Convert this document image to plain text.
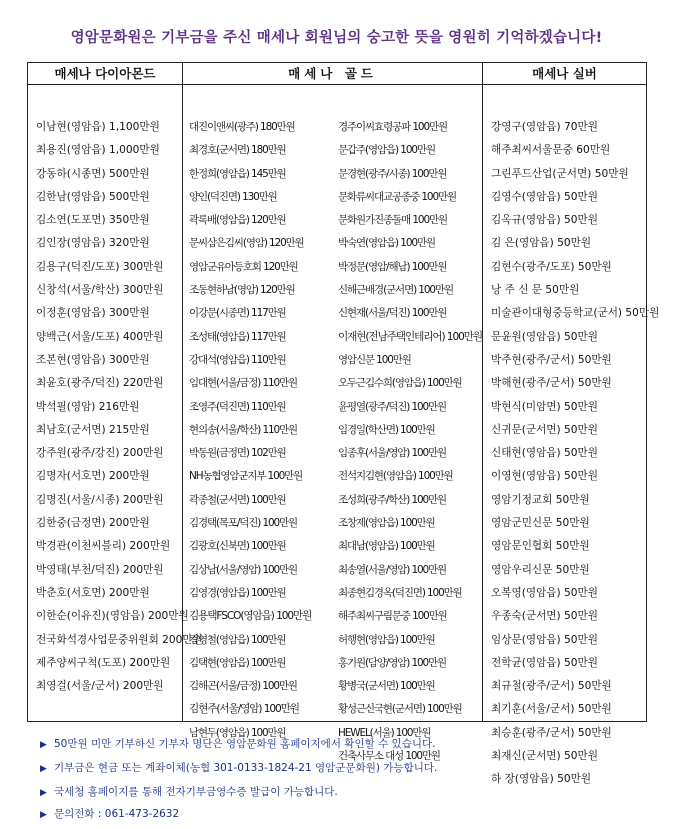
영암문화원은 기부금을 주신 매세나 회원님의 숭고한 뜻을 영원히 기억하겠습니다!
매세나 다이아몬드
이남현(영암읍) 1,100만원
최용진(영암읍) 1,000만원
강동하(시종면) 500만원
김한남(영암읍) 500만원
김소연(도포면) 350만원
김인장(영암읍) 320만원
김용구(덕진/도포) 300만원
신창석(서울/학산) 300만원
이정훈(영암읍) 300만원
양백근(서울/도포) 400만원
조본현(영암읍) 300만원
최윤호(광주/덕진) 220만원
박석필(영암) 216만원
최남호(군서면) 215만원
강주원(광주/강진) 200만원
김명자(서호면) 200만원
김명진(서울/시종) 200만원
김한중(금정면) 200만원
박경관(이천씨블리) 200만원
박영태(부천/덕진) 200만원
박춘호(서호면) 200만원
이한순(이유진)(영암읍) 200만원
전국화석경사업문중위원회 200만원
제주양씨구척(도포) 200만원
최영걸(서울/군서) 200만원
매세나 골드
대진이앤씨(광주) 180만원
최경호(군서면) 180만원
한정희(영암읍) 145만원
양인(덕진면) 130만원
곽록배(영암읍) 120만원
문씨삼은김씨(영암) 120만원
영암군유아등호회 120만원
조동현하남(영암) 120만원
이강문(시종면) 117만원
조성태(영암읍) 117만원
강대석(영암읍) 110만원
임대현(서울/금정) 110만원
조영주(덕진면) 110만원
현의송(서울/학산) 110만원
박동원(금정면) 102만원
NH농협영암군지부 100만원
곽종철(군서면) 100만원
김경택(목포/덕진) 100만원
김광호(신북면) 100만원
김상남(서울/영암) 100만원
김영경(영암읍) 100만원
김용택FSCO(영암읍) 100만원
김영철(영암읍) 100만원
김택현(영암읍) 100만원
김해곤(서울/금정) 100만원
김현주(서울/영암) 100만원
남현두(영암읍) 100만원
경주이씨효령공파 100만원
문갑주(영암읍) 100만원
문경현(광주/시종) 100만원
문화류씨대교공종중 100만원
문화원가진종돌매 100만원
박숙연(영암읍) 100만원
박정문(영암/해남) 100만원
신해근배경(군서면) 100만원
신현재(서울/덕진) 100만원
이재현(전남주택인테리어) 100만원
영암신문 100만원
오두근김수희(영암읍) 100만원
윤평열(광주/덕진) 100만원
임경일(학산면) 100만원
임종후(서울/영암) 100만원
전석지김현(영암읍) 100만원
조성희(광주/학산) 100만원
조창제(영암읍) 100만원
최대남(영암읍) 100만원
최송열(서울/영암) 100만원
최종현김경옥(덕진면) 100만원
해주최씨구림문중 100만원
허행현(영암읍) 100만원
홍기원(담양/영암) 100만원
황병국(군서면) 100만원
황성근신국현(군서면) 100만원
HEWEL(서울) 100만원
건축사무소 대성 100만원
매세나 실버
강영구(영암읍) 70만원
해주최씨서울문중 60만원
그린푸드산업(군서면) 50만원
김영수(영암읍) 50만원
김옥규(영암읍) 50만원
김 은(영암읍) 50만원
김현수(광주/도포) 50만원
낭 주 신 문 50만원
미술관이대형중등학교(군서) 50만원
문윤원(영암읍) 50만원
박주현(광주/군서) 50만원
박해현(광주/군서) 50만원
박현식(미암면) 50만원
신귀문(군서면) 50만원
신태현(영암읍) 50만원
이영현(영암읍) 50만원
영암기정교회 50만원
영암군민신문 50만원
영암문인협회 50만원
영암우리신문 50만원
오복영(영암읍) 50만원
우종숙(군서면) 50만원
임상문(영암읍) 50만원
전학균(영암읍) 50만원
최규철(광주/군서) 50만원
최기훈(서울/군서) 50만원
최승훈(광주/군서) 50만원
최재신(군서면) 50만원
하 장(영암읍) 50만원
▶ 50만원 미만 기부하신 기부자 명단은 영암문화원 홈페이지에서 확인할 수 있습니다.
▶ 기부금은 현금 또는 계좌이체(농협 301-0133-1824-21 영암군문화원) 가능합니다.
▶ 국세청 홈페이지를 통해 전자기부금영수증 발급이 가능합니다.
▶ 문의전화 : 061-473-2632
